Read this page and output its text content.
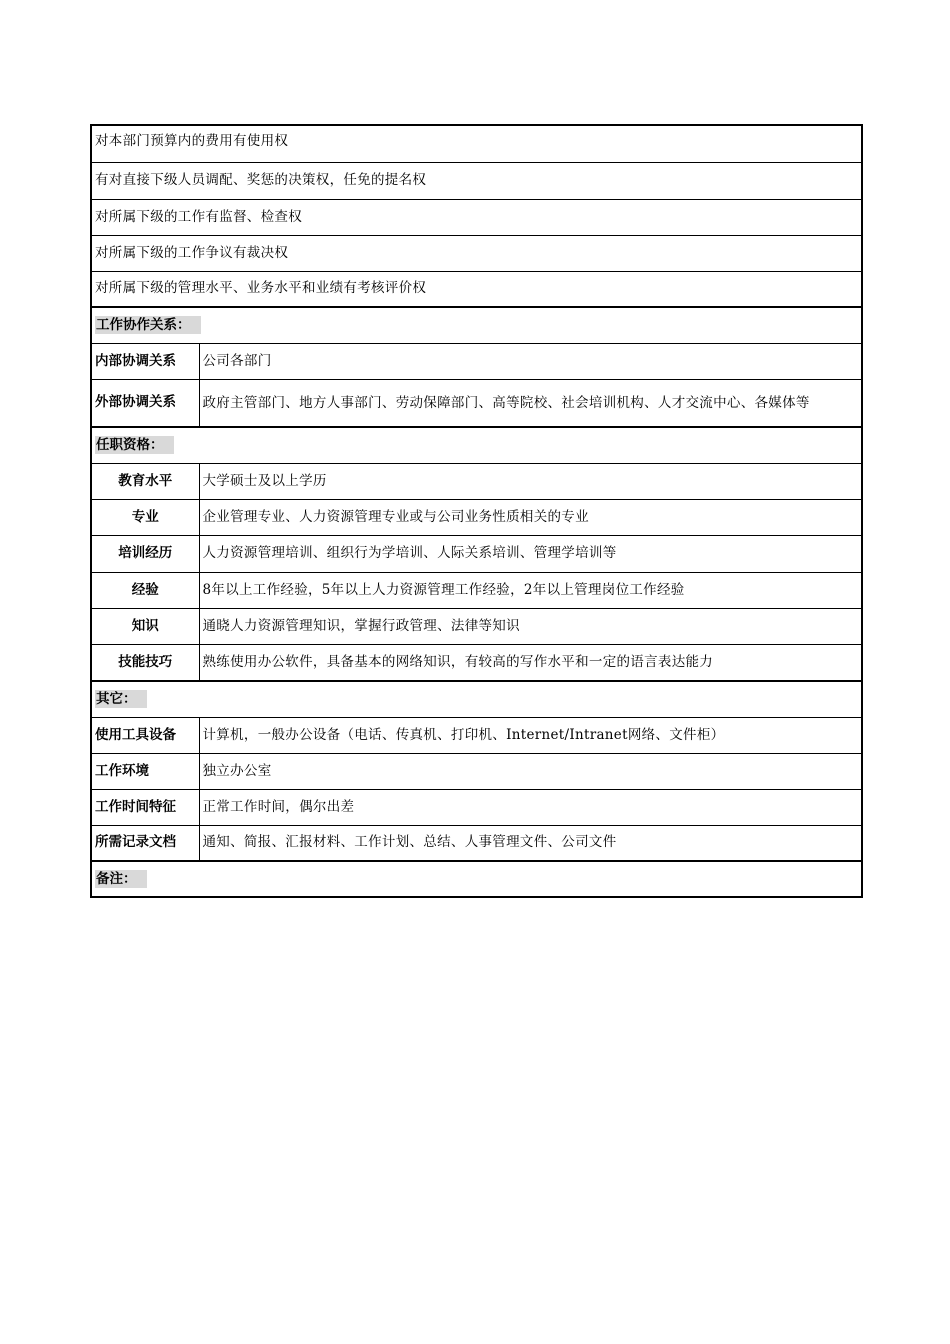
对本部门预算内的费用有使用权	
有对直接下级人员调配、奖惩的决策权，任免的提名权	
对所属下级的工作有监督、检查权	
对所属下级的工作争议有裁决权	
对所属下级的管理水平、业务水平和业绩有考核评价权	
工作协作关系：	
内部协调关系	公司各部门
外部协调关系	政府主管部门、地方人事部门、劳动保障部门、高等院校、社会培训机构、人才交流中心、各媒体等
任职资格：	
教育水平	大学硕士及以上学历
专业	企业管理专业、人力资源管理专业或与公司业务性质相关的专业
培训经历	人力资源管理培训、组织行为学培训、人际关系培训、管理学培训等
经验	8年以上工作经验，5年以上人力资源管理工作经验，2年以上管理岗位工作经验
知识	通晓人力资源管理知识，掌握行政管理、法律等知识
技能技巧	熟练使用办公软件，具备基本的网络知识，有较高的写作水平和一定的语言表达能力
其它：	
使用工具设备	计算机，一般办公设备（电话、传真机、打印机、Internet/Intranet网络、文件柜）
工作环境	独立办公室
工作时间特征	正常工作时间，偶尔出差
所需记录文档	通知、简报、汇报材料、工作计划、总结、人事管理文件、公司文件
备注：	
